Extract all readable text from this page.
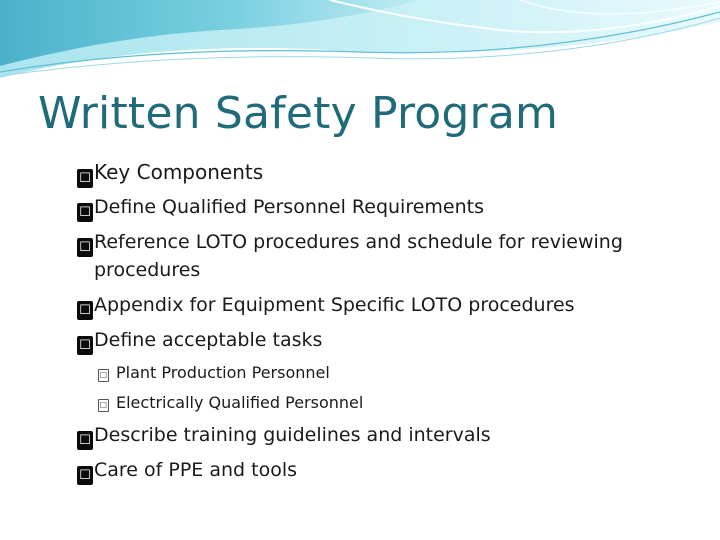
Written Safety Program
☐ Key Components
☐ Define Qualified Personnel Requirements
☐ Reference LOTO procedures and schedule for reviewing
procedures
☐ Appendix for Equipment Specific LOTO procedures
☐ Define acceptable tasks
☐ Plant Production Personnel
☐ Electrically Qualified Personnel
☐ Describe training guidelines and intervals
☐ Care of PPE and tools
